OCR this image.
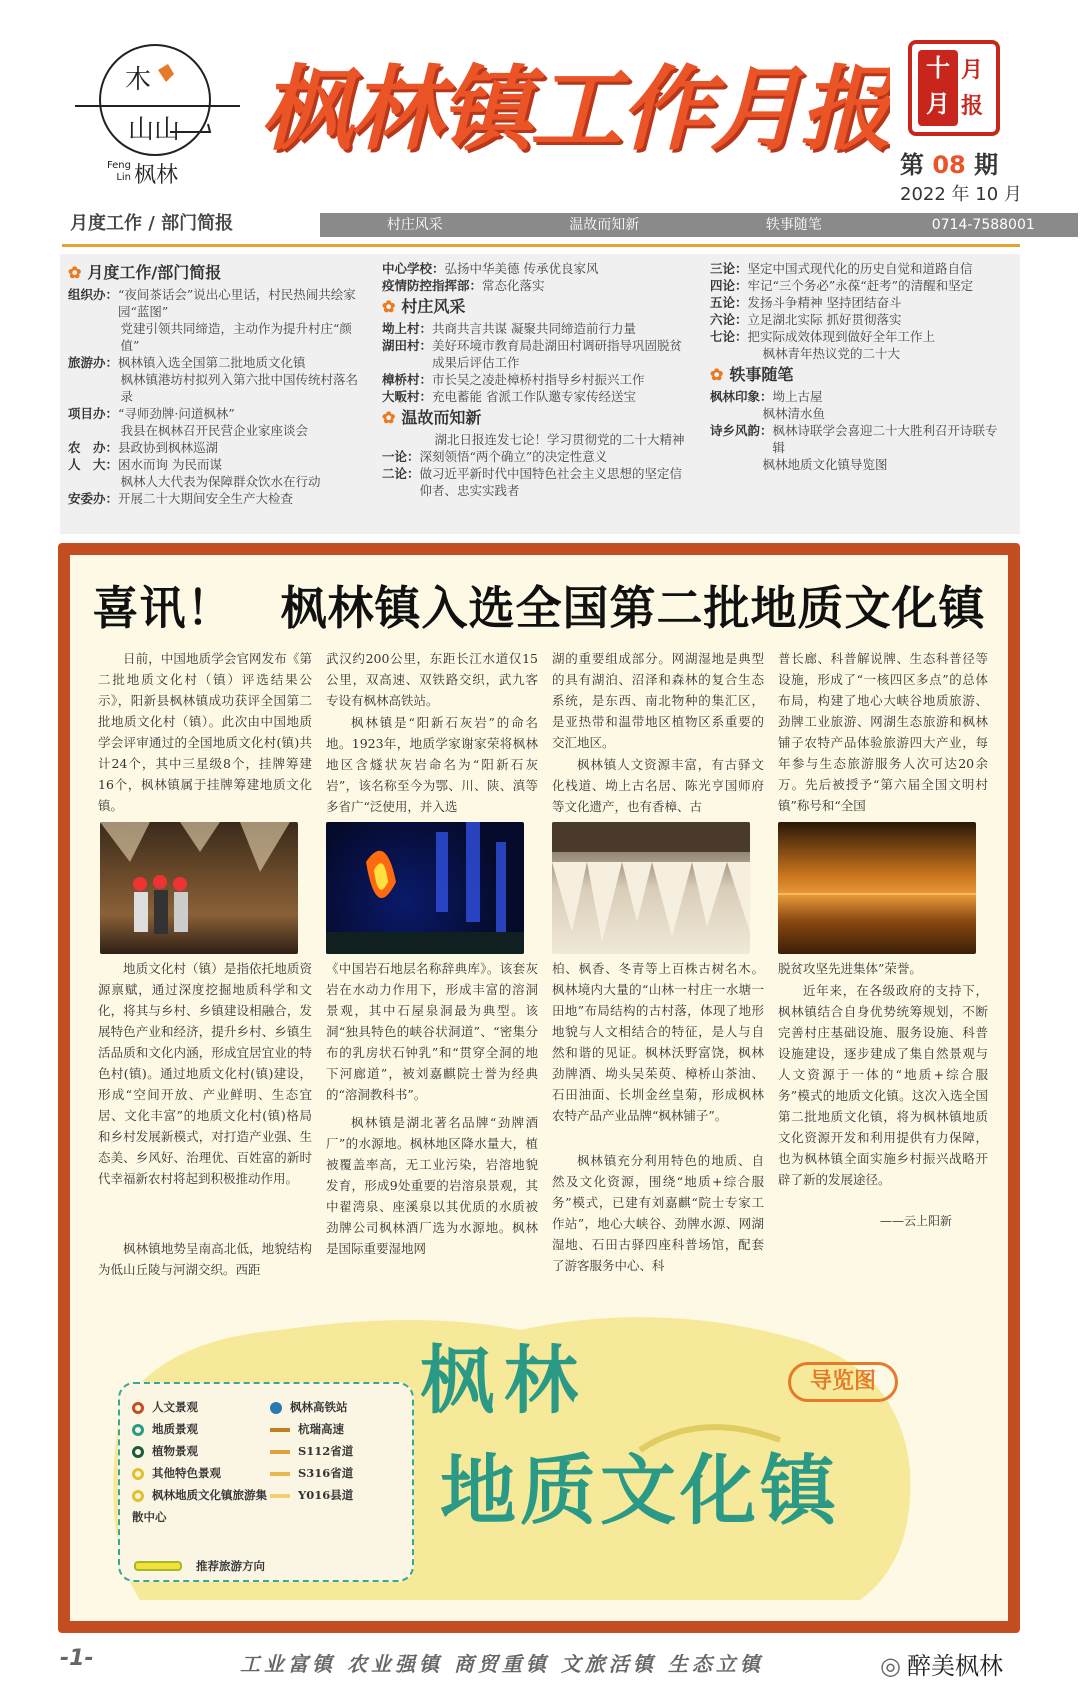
木
山山
Feng
Lin 枫林
枫林镇工作月报	十月
月报
第 08 期
2022 年 10 月
月度工作 / 部门简报	村庄风采	温故而知新	轶事随笔	0714-7588001
✿ 月度工作/部门简报
组织办： “夜间茶话会”说出心里话，村民热闹共绘家园“蓝图”
党建引领共同缔造，主动作为提升村庄“颜值”
旅游办： 枫林镇入选全国第二批地质文化镇
枫林镇港坊村拟列入第六批中国传统村落名录
项目办： “寻师劲牌·问道枫林”
我县在枫林召开民营企业家座谈会
农　办： 县政协到枫林巡湖
人　大： 困水而询 为民而谋
枫林人大代表为保障群众饮水在行动
安委办： 开展二十大期间安全生产大检查
中心学校： 弘扬中华美德 传承优良家风
疫情防控指挥部： 常态化落实
✿ 村庄风采
坳上村： 共商共言共谋 凝聚共同缔造前行力量
湖田村： 美好环境市教育局赴湖田村调研指导巩固脱贫成果后评估工作
樟桥村： 市长吴之凌赴樟桥村指导乡村振兴工作
大畈村： 充电蓄能 省派工作队邀专家传经送宝
✿ 温故而知新
湖北日报连发七论！学习贯彻党的二十大精神
一论： 深刻领悟“两个确立”的决定性意义
二论： 做习近平新时代中国特色社会主义思想的坚定信仰者、忠实实践者
三论： 坚定中国式现代化的历史自觉和道路自信
四论： 牢记“三个务必”永葆“赶考”的清醒和坚定
五论： 发扬斗争精神 坚持团结奋斗
六论： 立足湖北实际 抓好贯彻落实
七论： 把实际成效体现到做好全年工作上
枫林青年热议党的二十大
✿ 轶事随笔
枫林印象： 坳上古屋
枫林清水鱼
诗乡风韵： 枫林诗联学会喜迎二十大胜利召开诗联专辑
枫林地质文化镇导览图
喜讯！　枫林镇入选全国第二批地质文化镇
日前，中国地质学会官网发布《第二批地质文化村（镇）评选结果公示》，阳新县枫林镇成功获评全国第二批地质文化村（镇）。此次由中国地质学会评审通过的全国地质文化村(镇)共计24个，其中三星级8个，挂牌筹建16个，枫林镇属于挂牌筹建地质文化镇。
武汉约200公里，东距长江水道仅15公里，双高速、双铁路交织，武九客专设有枫林高铁站。
枫林镇是“阳新石灰岩”的命名地。1923年，地质学家谢家荣将枫林地区含燧状灰岩命名为“阳新石灰岩”，该名称至今为鄂、川、陕、滇等多省广“泛使用，并入选
湖的重要组成部分。网湖湿地是典型的具有湖泊、沼泽和森林的复合生态系统，是东西、南北物种的集汇区，是亚热带和温带地区植物区系重要的交汇地区。
枫林镇人文资源丰富，有古驿文化栈道、坳上古名居、陈光亨国师府等文化遗产，也有香樟、古
普长廊、科普解说牌、生态科普径等设施，形成了“一核四区多点”的总体布局，构建了地心大峡谷地质旅游、劲牌工业旅游、网湖生态旅游和枫林铺子农特产品体验旅游四大产业，每年参与生态旅游服务人次可达20余万。先后被授予“第六届全国文明村镇”称号和“全国
地质文化村（镇）是指依托地质资源禀赋，通过深度挖掘地质科学和文化，将其与乡村、乡镇建设相融合，发展特色产业和经济，提升乡村、乡镇生活品质和文化内涵，形成宜居宜业的特色村(镇)。通过地质文化村(镇)建设，形成“空间开放、产业鲜明、生态宜居、文化丰富”的地质文化村(镇)格局和乡村发展新模式，对打造产业强、生态美、乡风好、治理优、百姓富的新时代幸福新农村将起到积极推动作用。
枫林镇地势呈南高北低，地貌结构为低山丘陵与河湖交织。西距
《中国岩石地层名称辞典库》。该套灰岩在水动力作用下，形成丰富的溶洞景观，其中石屋泉洞最为典型。该洞“独具特色的峡谷状洞道”、“密集分布的乳房状石钟乳”和“贯穿全洞的地下河廊道”，被刘嘉麒院士誉为经典的“溶洞教科书”。
枫林镇是湖北著名品牌“劲牌酒厂”的水源地。枫林地区降水量大，植被覆盖率高，无工业污染，岩溶地貌发育，形成9处重要的岩溶泉景观，其中翟湾泉、座溪泉以其优质的水质被劲牌公司枫林酒厂选为水源地。枫林是国际重要湿地网
柏、枫香、冬青等上百株古树名木。枫林境内大量的“山林一村庄一水塘一田地”布局结构的古村落，体现了地形地貌与人文相结合的特征，是人与自然和谐的见证。枫林沃野富饶，枫林劲牌酒、坳头吴茱萸、樟桥山茶油、石田油面、长圳金丝皇菊，形成枫林农特产品产业品牌“枫林铺子”。
枫林镇充分利用特色的地质、自然及文化资源，围绕“地质+综合服务”模式，已建有刘嘉麒“院士专家工作站”，地心大峡谷、劲牌水源、网湖湿地、石田古驿四座科普场馆，配套了游客服务中心、科
脱贫攻坚先进集体”荣誉。
近年来，在各级政府的支持下，枫林镇结合自身优势统筹规划，不断完善村庄基础设施、服务设施、科普设施建设，逐步建成了集自然景观与人文资源于一体的“地质+综合服务”模式的地质文化镇。这次入选全国第二批地质文化镇，将为枫林镇地质文化资源开发和利用提供有力保障，也为枫林镇全面实施乡村振兴战略开辟了新的发展途径。
——云上阳新
枫林
地质文化镇
导览图
人文景观
地质景观
植物景观
其他特色景观
枫林地质文化镇旅游集散中心
枫林高铁站
杭瑞高速
S112省道
S316省道
Y016县道
推荐旅游方向
-1-	工业富镇 农业强镇 商贸重镇 文旅活镇 生态立镇	◎ 醉美枫林
